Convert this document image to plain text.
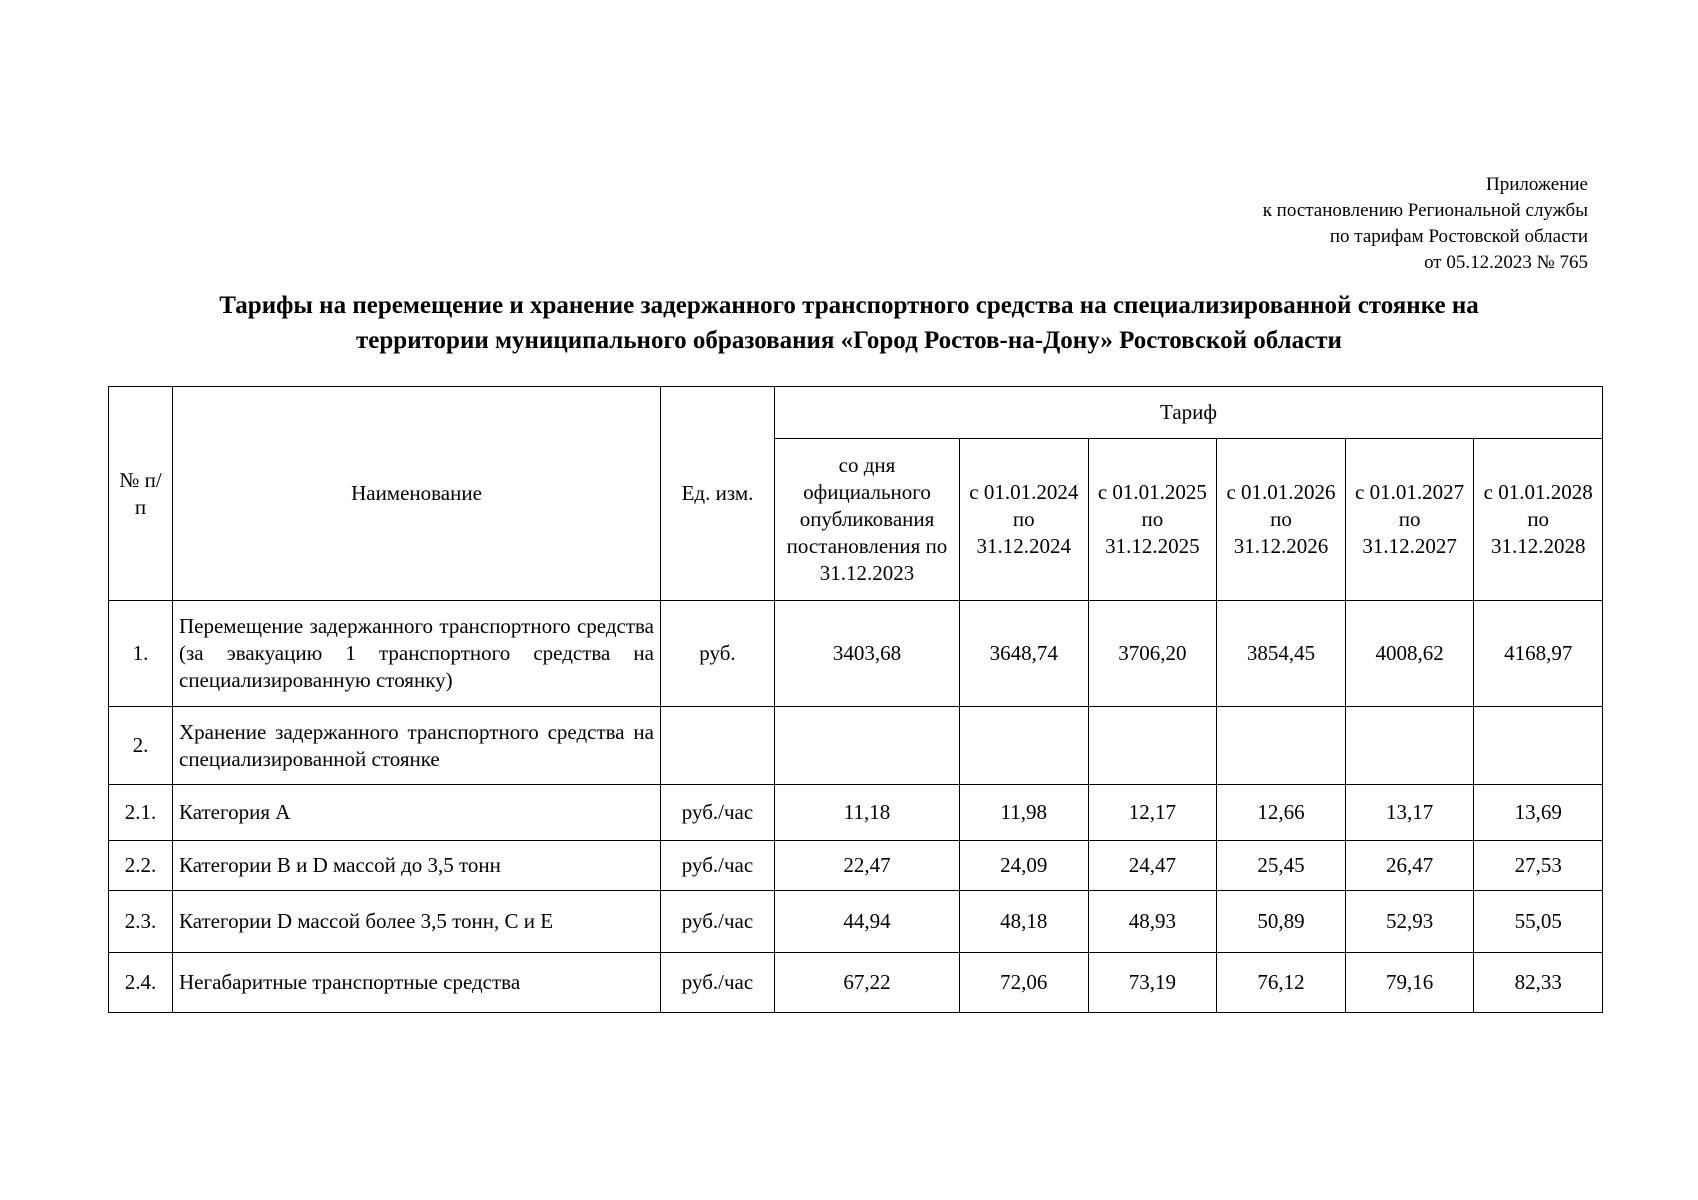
Приложение
к постановлению Региональной службы
по тарифам Ростовской области
от 05.12.2023 № 765
Тарифы на перемещение и хранение задержанного транспортного средства на специализированной стоянке на
территории муниципального образования «Город Ростов-на-Дону» Ростовской области
№ п/п	Наименование	Ед. изм.	Тариф					
			со дня официального опубликования постановления по 31.12.2023	с 01.01.2024 по 31.12.2024	с 01.01.2025 по 31.12.2025	с 01.01.2026 по 31.12.2026	с 01.01.2027 по 31.12.2027	с 01.01.2028 по 31.12.2028
1.	Перемещение задержанного транспортного средства (за эвакуацию 1 транспортного средства на специализированную стоянку)	руб.	3403,68	3648,74	3706,20	3854,45	4008,62	4168,97
2.	Хранение задержанного транспортного средства на специализированной стоянке							
2.1.	Категория А	руб./час	11,18	11,98	12,17	12,66	13,17	13,69
2.2.	Категории B и D массой до 3,5 тонн	руб./час	22,47	24,09	24,47	25,45	26,47	27,53
2.3.	Категории D массой более 3,5 тонн, C и E	руб./час	44,94	48,18	48,93	50,89	52,93	55,05
2.4.	Негабаритные транспортные средства	руб./час	67,22	72,06	73,19	76,12	79,16	82,33
